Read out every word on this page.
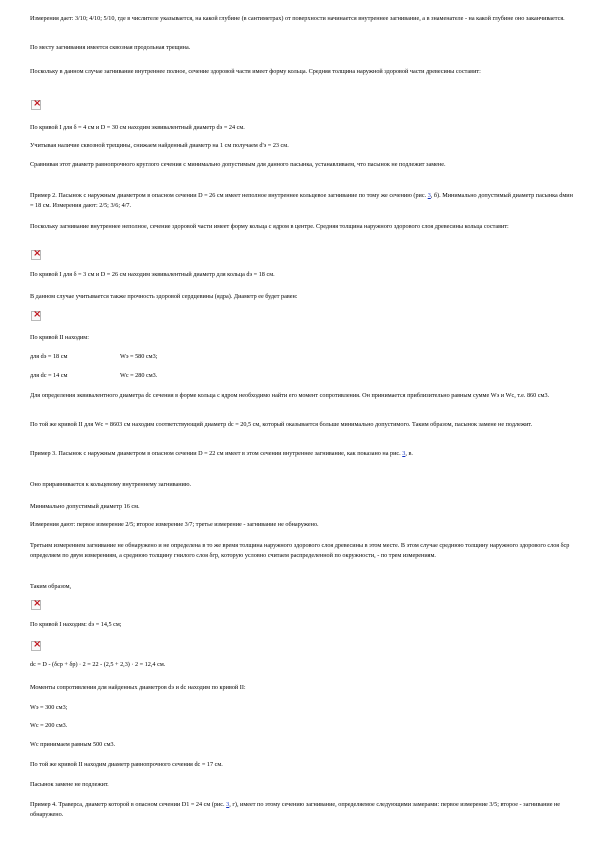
Измерения дает: 3/10; 4/10; 5/10, где в числителе указывается, на какой глубине (в сантиметрах) от поверхности начинается внутреннее загнивание, а в знаменателе - на какой глубине оно заканчивается.

По месту загнивания имеется сквозная продольная трещина.

Поскольку в данном случае загнивание внутреннее полное, сечение здоровой части имеет форму кольца. Средняя толщина наружной здоровой части древесины составит:

×

По кривой I для δ = 4 см и D = 30 см находим эквивалентный диаметр dэ = 24 см.

Учитывая наличие сквозной трещины, снижаем найденный диаметр на 1 см получаем d'э = 23 см.

Сравнивая этот диаметр равнопрочного круглого сечения с минимально допустимым для данного пасынка, устанавливаем, что пасынок не подлежит замене.

Пример 2. Пасынок с наружным диаметром в опасном сечении D = 26 см имеет неполное внутреннее кольцевое загнивание по тому же сечению (рис. 3, б). Минимально допустимый диаметр пасынка dмин = 18 см. Измерения дают: 2/5; 3/6; 4/7.

Поскольку загнивание внутреннее неполное, сечение здоровой части имеет форму кольца с ядром в центре. Средняя толщина наружного здорового слоя древесины кольца составит:

×

По кривой I для δ = 3 см и D = 26 см находим эквивалентный диаметр для кольца dэ = 18 см.

В данном случае учитывается также прочность здоровой сердцевины (ядра). Диаметр ее будет равен:

×

По кривой II находим:

для dэ = 18 см	Wэ = 580 см3;

для dc = 14 см	Wc = 280 см3.

Для определения эквивалентного диаметра dc сечения в форме кольца с ядром необходимо найти его момент сопротивления. Он принимается приблизительно равным сумме Wэ и Wc, т.е. 860 см3.

По той же кривой II для Wc = 8603 см находим соответствующий диаметр dc = 20,5 см, который оказывается больше минимально допустимого. Таким образом, пасынок замене не подлежит.

Пример 3. Пасынок с наружным диаметром в опасном сечении D = 22 см имеет в этом сечении внутреннее загнивание, как показано на рис. 3, в.

Оно приравнивается к кольцевому внутреннему загниванию.

Минимально допустимый диаметр 16 см.

Измерения дают: первое измерение 2/5; второе измерение 3/7; третье измерение - загнивание не обнаружено.

Третьим измерением загнивание не обнаружено и не определена в то же время толщина наружного здорового слоя древесины в этом месте. В этом случае среднюю толщину наружного здорового слоя δср определяем по двум измерениям, а среднюю толщину гнилого слоя δгр, которую условно считаем распределенной по окружности, - по трем измерениям.

Таким образом,

×

По кривой I находим: dэ = 14,5 см;

×

dc = D - (δср + δр) · 2 = 22 - (2,5 + 2,3) · 2 = 12,4 см.

Моменты сопротивления для найденных диаметров dэ и dc находим по кривой II:

Wэ = 300 см3;

Wc = 200 см3.

Wc принимаем равным 500 см3.

По той же кривой II находим диаметр равнопрочного сечения dc = 17 см.

Пасынок замене не подлежит.

Пример 4. Траверса, диаметр которой в опасном сечении D1 = 24 см (рис. 3, г), имеет по этому сечению загнивание, определяемое следующими замерами: первое измерение 3/5; второе - загнивание не обнаружено.
